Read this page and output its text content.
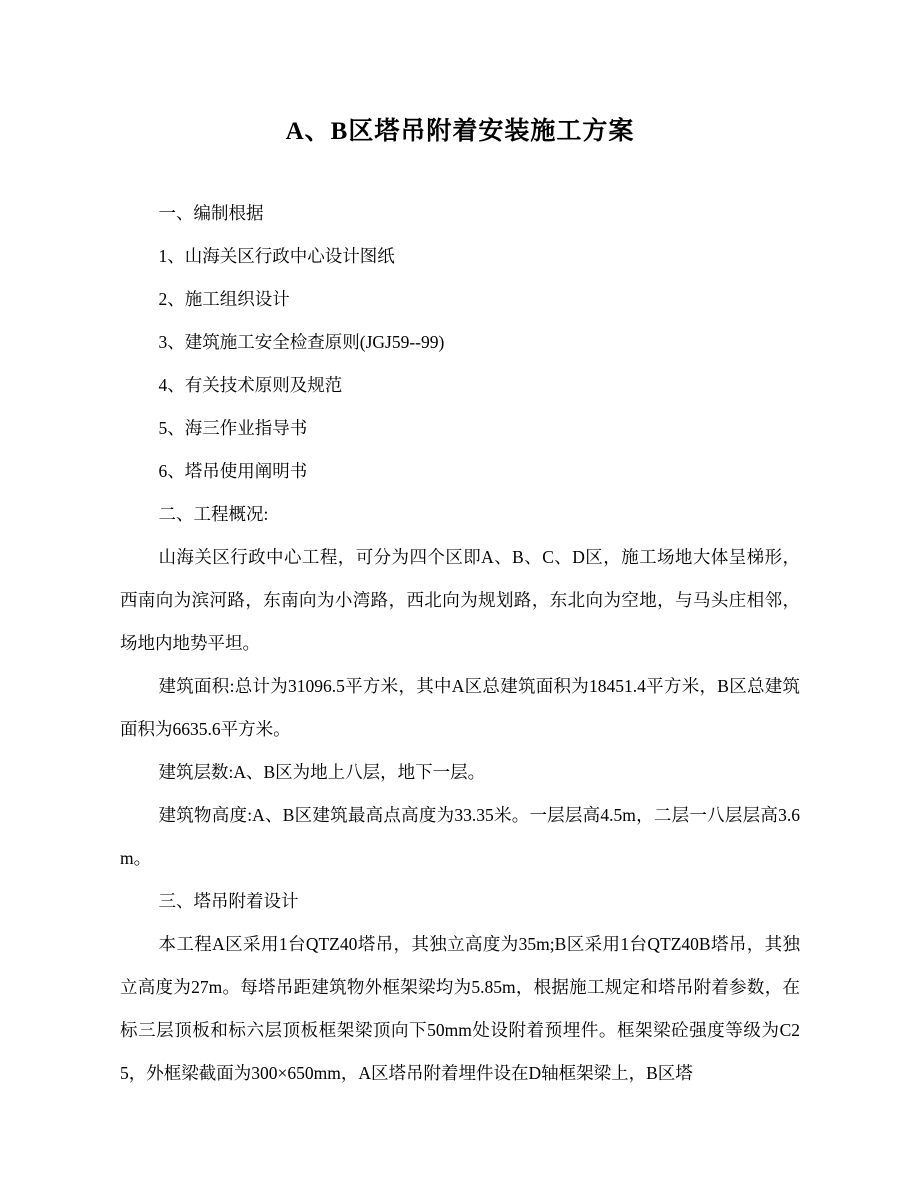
A、B区塔吊附着安装施工方案

一、编制根据

1、山海关区行政中心设计图纸

2、施工组织设计

3、建筑施工安全检查原则(JGJ59--99)

4、有关技术原则及规范

5、海三作业指导书

6、塔吊使用阐明书

二、工程概况:

山海关区行政中心工程，可分为四个区即A、B、C、D区，施工场地大体呈梯形，西南向为滨河路，东南向为小湾路，西北向为规划路，东北向为空地，与马头庄相邻，场地内地势平坦。

建筑面积:总计为31096.5平方米，其中A区总建筑面积为18451.4平方米，B区总建筑面积为6635.6平方米。

建筑层数:A、B区为地上八层，地下一层。

建筑物高度:A、B区建筑最高点高度为33.35米。一层层高4.5m，二层一八层层高3.6m。

三、塔吊附着设计

本工程A区采用1台QTZ40塔吊，其独立高度为35m;B区采用1台QTZ40B塔吊，其独立高度为27m。每塔吊距建筑物外框架梁均为5.85m，根据施工规定和塔吊附着参数，在标三层顶板和标六层顶板框架梁顶向下50mm处设附着预埋件。框架梁砼强度等级为C25，外框梁截面为300×650mm，A区塔吊附着埋件设在D轴框架梁上，B区塔
